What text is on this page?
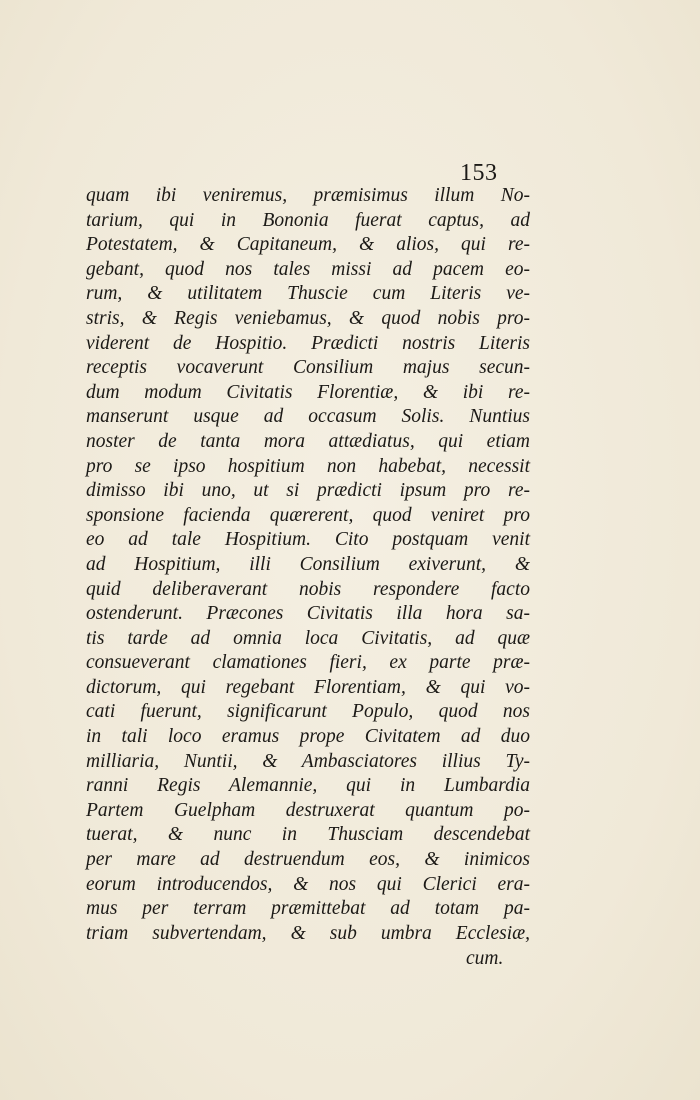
153
quam ibi veniremus, præmisimus illum No-
tarium, qui in Bononia fuerat captus, ad
Potestatem, & Capitaneum, & alios, qui re-
gebant, quod nos tales missi ad pacem eo-
rum, & utilitatem Thuscie cum Literis ve-
stris, & Regis veniebamus, & quod nobis pro-
viderent de Hospitio. Prædicti nostris Literis
receptis vocaverunt Consilium majus secun-
dum modum Civitatis Florentiæ, & ibi re-
manserunt usque ad occasum Solis. Nuntius
noster de tanta mora attædiatus, qui etiam
pro se ipso hospitium non habebat, necessit
dimisso ibi uno, ut si prædicti ipsum pro re-
sponsione facienda quærerent, quod veniret pro
eo ad tale Hospitium. Cito postquam venit
ad Hospitium, illi Consilium exiverunt, &
quid deliberaverant nobis respondere facto
ostenderunt. Præcones Civitatis illa hora sa-
tis tarde ad omnia loca Civitatis, ad quæ
consueverant clamationes fieri, ex parte præ-
dictorum, qui regebant Florentiam, & qui vo-
cati fuerunt, significarunt Populo, quod nos
in tali loco eramus prope Civitatem ad duo
milliaria, Nuntii, & Ambasciatores illius Ty-
ranni Regis Alemannie, qui in Lumbardia
Partem Guelpham destruxerat quantum po-
tuerat, & nunc in Thusciam descendebat
per mare ad destruendum eos, & inimicos
eorum introducendos, & nos qui Clerici era-
mus per terram præmittebat ad totam pa-
triam subvertendam, & sub umbra Ecclesiæ,
cum.
